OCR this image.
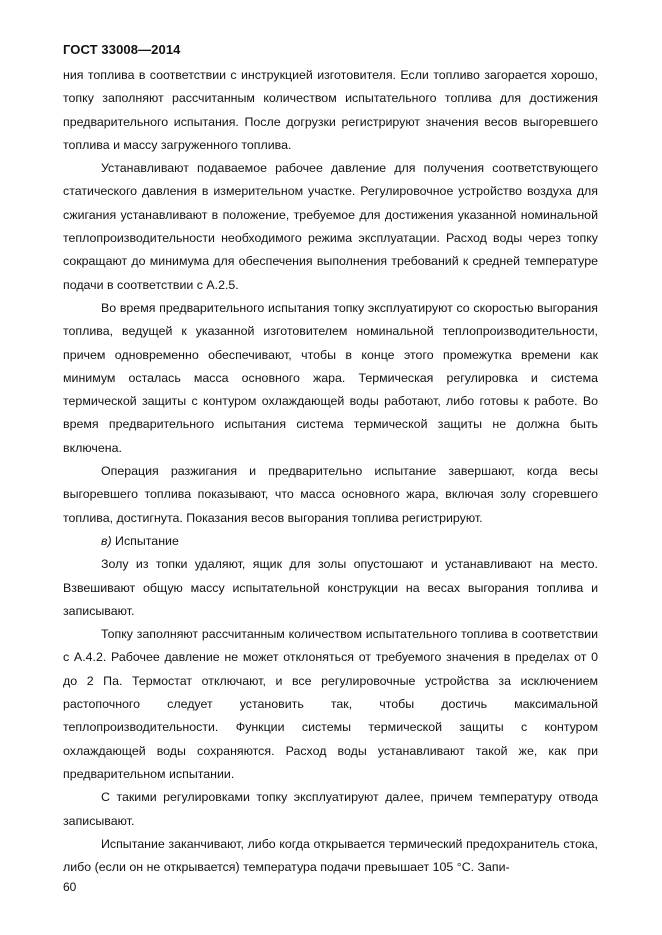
ГОСТ 33008—2014

ния топлива в соответствии с инструкцией изготовителя. Если топливо загорается хорошо, топку заполняют рассчитанным количеством испытательного топлива для достижения предварительного испытания. После догрузки регистрируют значения весов выгоревшего топлива и массу загруженного топлива.

Устанавливают подаваемое рабочее давление для получения соответствующего статического давления в измерительном участке. Регулировочное устройство воздуха для сжигания устанавливают в положение, требуемое для достижения указанной номинальной теплопроизводительности необходимого режима эксплуатации. Расход воды через топку сокращают до минимума для обеспечения выполнения требований к средней температуре подачи в соответствии с А.2.5.

Во время предварительного испытания топку эксплуатируют со скоростью выгорания топлива, ведущей к указанной изготовителем номинальной теплопроизводительности, причем одновременно обеспечивают, чтобы в конце этого промежутка времени как минимум осталась масса основного жара. Термическая регулировка и система термической защиты с контуром охлаждающей воды работают, либо готовы к работе. Во время предварительного испытания система термической защиты не должна быть включена.

Операция разжигания и предварительно испытание завершают, когда весы выгоревшего топлива показывают, что масса основного жара, включая золу сгоревшего топлива, достигнута. Показания весов выгорания топлива регистрируют.

в) Испытание

Золу из топки удаляют, ящик для золы опустошают и устанавливают на место. Взвешивают общую массу испытательной конструкции на весах выгорания топлива и записывают.

Топку заполняют рассчитанным количеством испытательного топлива в соответствии с А.4.2. Рабочее давление не может отклоняться от требуемого значения в пределах от 0 до 2 Па. Термостат отключают, и все регулировочные устройства за исключением растопочного следует установить так, чтобы достичь максимальной теплопроизводительности. Функции системы термической защиты с контуром охлаждающей воды сохраняются. Расход воды устанавливают такой же, как при предварительном испытании.

С такими регулировками топку эксплуатируют далее, причем температуру отвода записывают.

Испытание заканчивают, либо когда открывается термический предохранитель стока, либо (если он не открывается) температура подачи превышает 105 °С. Запи-

60
